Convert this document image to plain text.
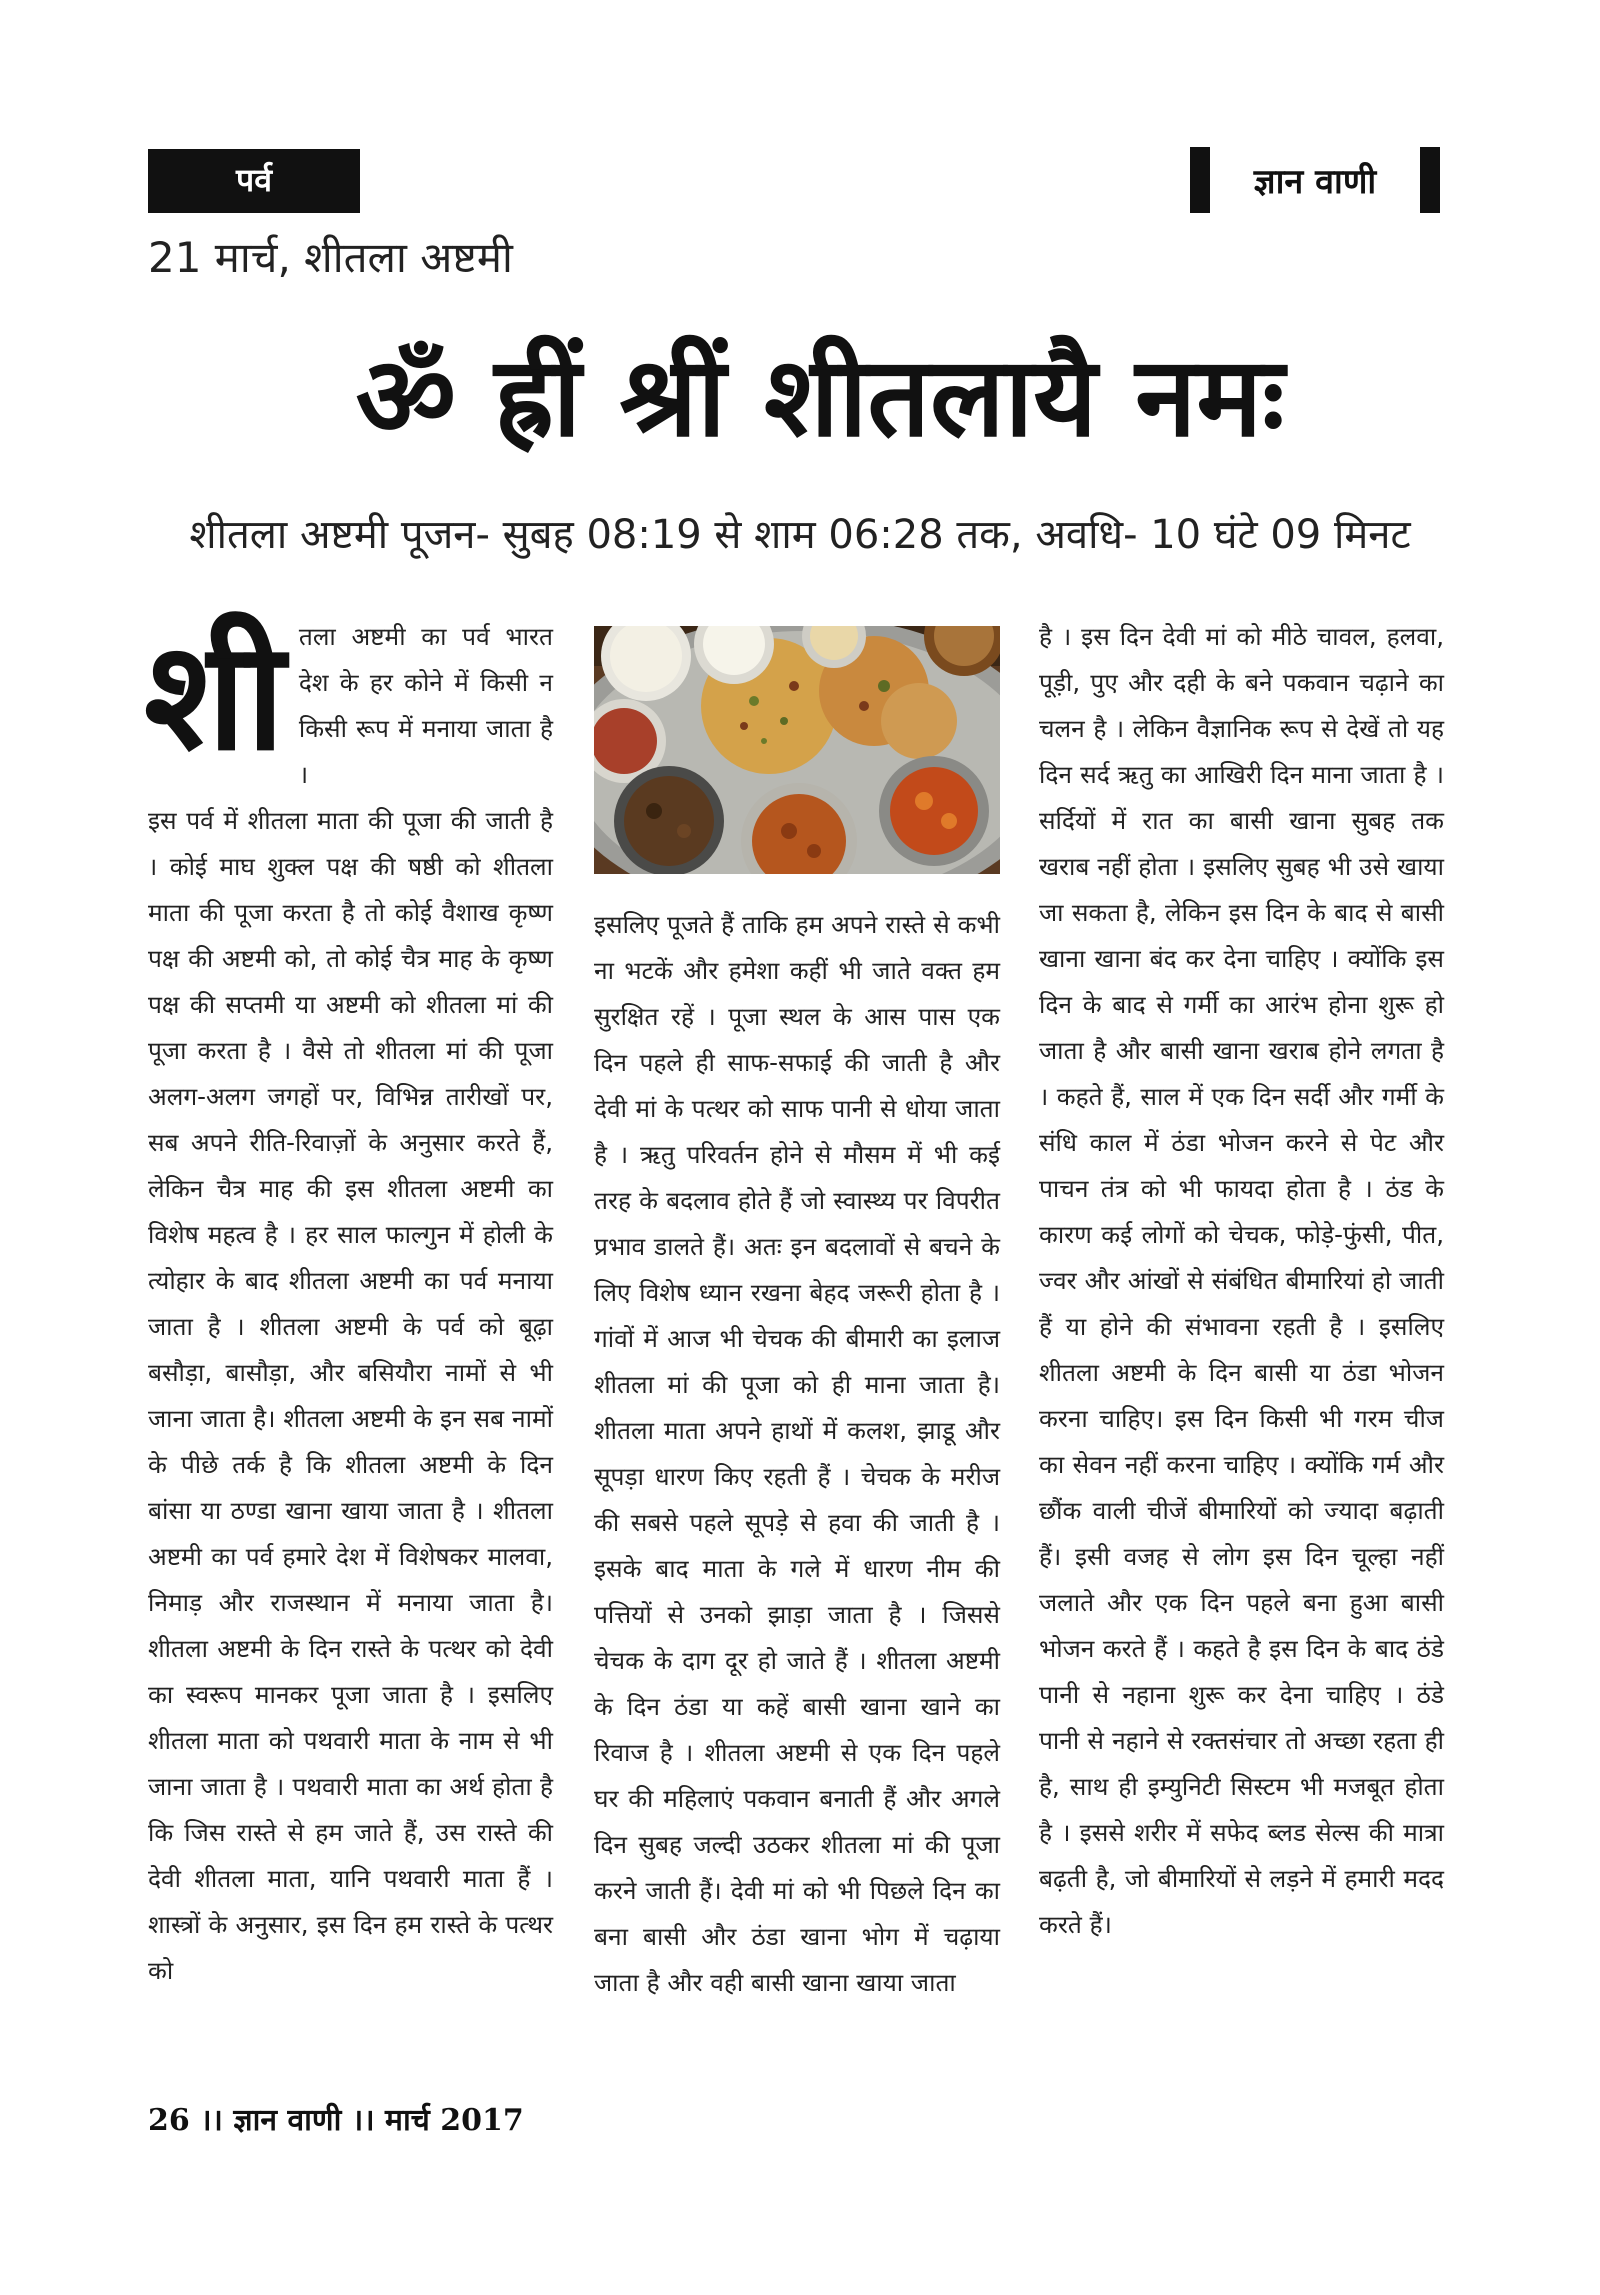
पर्व	ज्ञान वाणी
21 मार्च, शीतला अष्टमी
ॐ ह्रीं श्रीं शीतलायै नमः
शीतला अष्टमी पूजन- सुबह 08:19 से शाम 06:28 तक, अवधि- 10 घंटे 09 मिनट
शी तला अष्टमी का पर्व भारत देश के हर कोने में किसी न किसी रूप में मनाया जाता है ।

इस पर्व में शीतला माता की पूजा की जाती है । कोई माघ शुक्ल पक्ष की षष्ठी को शीतला माता की पूजा करता है तो कोई वैशाख कृष्ण पक्ष की अष्टमी को, तो कोई चैत्र माह के कृष्ण पक्ष की सप्तमी या अष्टमी को शीतला मां की पूजा करता है । वैसे तो शीतला मां की पूजा अलग-अलग जगहों पर, विभिन्न तारीखों पर, सब अपने रीति-रिवाज़ों के अनुसार करते हैं, लेकिन चैत्र माह की इस शीतला अष्टमी का विशेष महत्व है । हर साल फाल्गुन में होली के त्योहार के बाद शीतला अष्टमी का पर्व मनाया जाता है । शीतला अष्टमी के पर्व को बूढ़ा बसौड़ा, बासौड़ा, और बसियौरा नामों से भी जाना जाता है। शीतला अष्टमी के इन सब नामों के पीछे तर्क है कि शीतला अष्टमी के दिन बांसा या ठण्डा खाना खाया जाता है । शीतला अष्टमी का पर्व हमारे देश में विशेषकर मालवा, निमाड़ और राजस्थान में मनाया जाता है। शीतला अष्टमी के दिन रास्ते के पत्थर को देवी का स्वरूप मानकर पूजा जाता है । इसलिए शीतला माता को पथवारी माता के नाम से भी जाना जाता है । पथवारी माता का अर्थ होता है कि जिस रास्ते से हम जाते हैं, उस रास्ते की देवी शीतला माता, यानि पथवारी माता हैं । शास्त्रों के अनुसार, इस दिन हम रास्ते के पत्थर को

इसलिए पूजते हैं ताकि हम अपने रास्ते से कभी ना भटकें और हमेशा कहीं भी जाते वक्त हम सुरक्षित रहें । पूजा स्थल के आस पास एक दिन पहले ही साफ-सफाई की जाती है और देवी मां के पत्थर को साफ पानी से धोया जाता है । ऋतु परिवर्तन होने से मौसम में भी कई तरह के बदलाव होते हैं जो स्वास्थ्य पर विपरीत प्रभाव डालते हैं। अतः इन बदलावों से बचने के लिए विशेष ध्यान रखना बेहद जरूरी होता है । गांवों में आज भी चेचक की बीमारी का इलाज शीतला मां की पूजा को ही माना जाता है। शीतला माता अपने हाथों में कलश, झाडू और सूपड़ा धारण किए रहती हैं । चेचक के मरीज की सबसे पहले सूपड़े से हवा की जाती है । इसके बाद माता के गले में धारण नीम की पत्तियों से उनको झाड़ा जाता है । जिससे चेचक के दाग दूर हो जाते हैं । शीतला अष्टमी के दिन ठंडा या कहें बासी खाना खाने का रिवाज है । शीतला अष्टमी से एक दिन पहले घर की महिलाएं पकवान बनाती हैं और अगले दिन सुबह जल्दी उठकर शीतला मां की पूजा करने जाती हैं। देवी मां को भी पिछले दिन का बना बासी और ठंडा खाना भोग में चढ़ाया जाता है और वही बासी खाना खाया जाता

है । इस दिन देवी मां को मीठे चावल, हलवा, पूड़ी, पुए और दही के बने पकवान चढ़ाने का चलन है । लेकिन वैज्ञानिक रूप से देखें तो यह दिन सर्द ऋतु का आखिरी दिन माना जाता है । सर्दियों में रात का बासी खाना सुबह तक खराब नहीं होता । इसलिए सुबह भी उसे खाया जा सकता है, लेकिन इस दिन के बाद से बासी खाना खाना बंद कर देना चाहिए । क्योंकि इस दिन के बाद से गर्मी का आरंभ होना शुरू हो जाता है और बासी खाना खराब होने लगता है । कहते हैं, साल में एक दिन सर्दी और गर्मी के संधि काल में ठंडा भोजन करने से पेट और पाचन तंत्र को भी फायदा होता है । ठंड के कारण कई लोगों को चेचक, फोड़े-फुंसी, पीत, ज्वर और आंखों से संबंधित बीमारियां हो जाती हैं या होने की संभावना रहती है । इसलिए शीतला अष्टमी के दिन बासी या ठंडा भोजन करना चाहिए। इस दिन किसी भी गरम चीज का सेवन नहीं करना चाहिए । क्योंकि गर्म और छौंक वाली चीजें बीमारियों को ज्यादा बढ़ाती हैं। इसी वजह से लोग इस दिन चूल्हा नहीं जलाते और एक दिन पहले बना हुआ बासी भोजन करते हैं । कहते है इस दिन के बाद ठंडे पानी से नहाना शुरू कर देना चाहिए । ठंडे पानी से नहाने से रक्तसंचार तो अच्छा रहता ही है, साथ ही इम्युनिटी सिस्टम भी मजबूत होता है । इससे शरीर में सफेद ब्लड सेल्स की मात्रा बढ़ती है, जो बीमारियों से लड़ने में हमारी मदद करते हैं।

26 ।। ज्ञान वाणी ।। मार्च 2017
